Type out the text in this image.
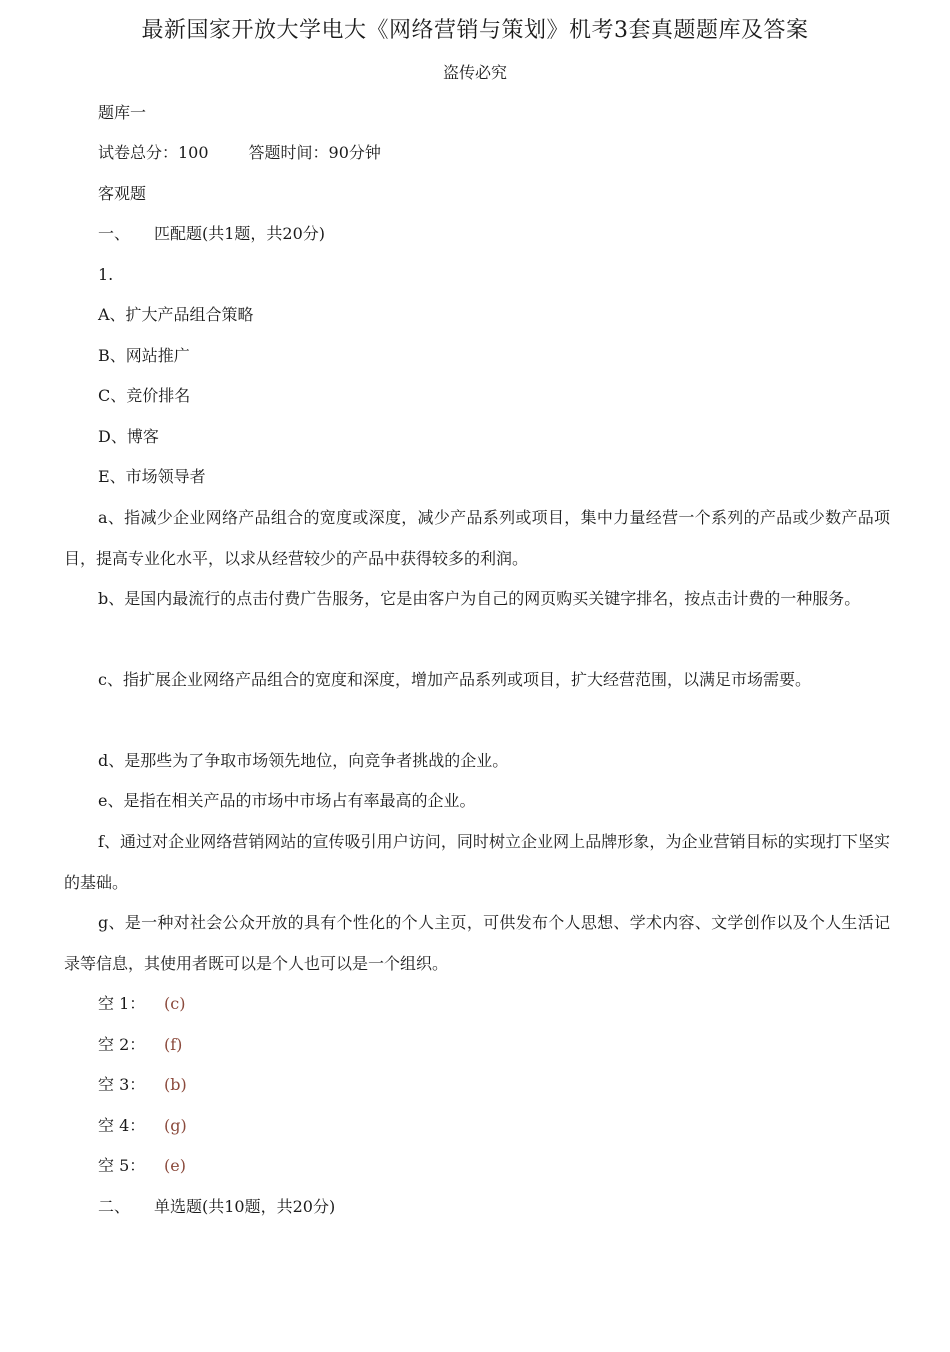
最新国家开放大学电大《网络营销与策划》机考3套真题题库及答案
盗传必究
题库一
试卷总分：100	答题时间：90分钟
客观题
一、 匹配题(共1题，共20分)
1.
A、扩大产品组合策略
B、网站推广
C、竞价排名
D、博客
E、市场领导者
a、指减少企业网络产品组合的宽度或深度，减少产品系列或项目，集中力量经营一个系列的产品或少数产品项目，提高专业化水平，以求从经营较少的产品中获得较多的利润。
b、是国内最流行的点击付费广告服务，它是由客户为自己的网页购买关键字排名，按点击计费的一种服务。
c、指扩展企业网络产品组合的宽度和深度，增加产品系列或项目，扩大经营范围，以满足市场需要。
d、是那些为了争取市场领先地位，向竞争者挑战的企业。
e、是指在相关产品的市场中市场占有率最高的企业。
f、通过对企业网络营销网站的宣传吸引用户访问，同时树立企业网上品牌形象，为企业营销目标的实现打下坚实的基础。
g、是一种对社会公众开放的具有个性化的个人主页，可供发布个人思想、学术内容、文学创作以及个人生活记录等信息，其使用者既可以是个人也可以是一个组织。
空 1： (c)
空 2： (f)
空 3： (b)
空 4： (g)
空 5： (e)
二、 单选题(共10题，共20分)
